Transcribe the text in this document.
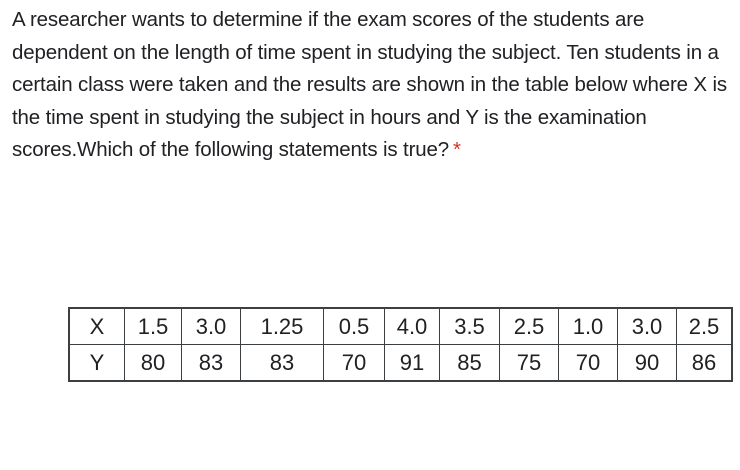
A researcher wants to determine if the exam scores of the students are dependent on the length of time spent in studying the subject. Ten students in a certain class were taken and the results are shown in the table below where X is the time spent in studying the subject in hours and Y is the examination scores.Which of the following statements is true? *
X	1.5	3.0	1.25	0.5	4.0	3.5	2.5	1.0	3.0	2.5
Y	80	83	83	70	91	85	75	70	90	86
